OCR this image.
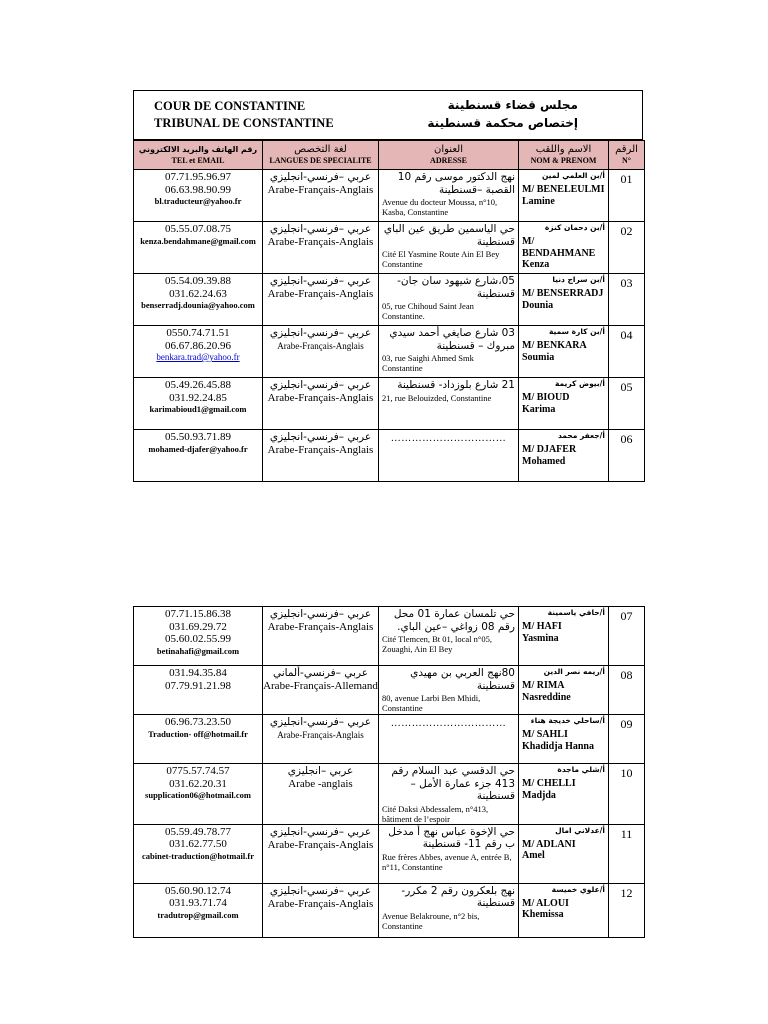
COUR DE CONSTANTINE
TRIBUNAL DE CONSTANTINE
مجلس قضاء قسنطينة
إختصاص محكمة قسنطينة
رقم الهاتف والبريد الالكتروني
TEL et EMAIL	لغة التخصص
LANGUES DE SPECIALITE	العنوان
ADRESSE	الاسم واللقب
NOM & PRENOM	الرقم
N°

07.71.95.96.97
06.63.98.90.99
bl.traducteur@yahoo.fr	عربي –فرنسي-انجليزي
Arabe-Français-Anglais	نهج الدكتور موسى رقم 10 القصبة –قسنطينة
Avenue du docteur Moussa, n°10, Kasba, Constantine	أ/بن العلمي لمين
M/ BENELEULMI
Lamine	01

05.55.07.08.75
kenza.bendahmane@gmail.com	عربي –فرنسي-انجليزي
Arabe-Français-Anglais	حي الياسمين طريق عين الباي قسنطينة
Cité El Yasmine Route Ain El Bey Constantine	أ/بن دحمان كنزة
M/ BENDAHMANE
Kenza	02

05.54.09.39.88
031.62.24.63
benserradj.dounia@yahoo.com	عربي –فرنسي-انجليزي
Arabe-Français-Anglais	05،شارع شيهود سان جان- قسنطينة
05, rue Chihoud Saint Jean Constantine.	أ/بن سراج دنيا
M/ BENSERRADJ
Dounia	03

0550.74.71.51
06.67.86.20.96
benkara.trad@yahoo.fr	عربي –فرنسي-انجليزي
Arabe-Français-Anglais	03 شارع صايغي أحمد سيدي مبروك – قسنطينة
03, rue Saighi Ahmed Smk Constantine	أ/بن كارة سمية
M/ BENKARA
Soumia	04

05.49.26.45.88
031.92.24.85
karimabioud1@gmail.com	عربي –فرنسي-انجليزي
Arabe-Français-Anglais	21 شارع بلوزداد- قسنطينة
21, rue Belouizded, Constantine	أ/بيوض كريمة
M/ BIOUD
Karima	05

05.50.93.71.89
mohamed-djafer@yahoo.fr	عربي –فرنسي-انجليزي
Arabe-Français-Anglais	……………………………	أ/جعفر محمد
M/ DJAFER
Mohamed	06
07.71.15.86.38
031.69.29.72
05.60.02.55.99
betinahafi@gmail.com	عربي –فرنسي-انجليزي
Arabe-Français-Anglais	حي تلمسان عمارة 01 محل رقم 08 زواغي –عين الباي.
Cité Tlemcen, Bt 01, local n°05, Zouaghi, Ain El Bey	أ/حافي ياسمينة
M/ HAFI
Yasmina	07

031.94.35.84
07.79.91.21.98	عربي –فرنسي-ألماني
Arabe-Français-Allemand	80نهج العربي بن مهيدي قسنطينة
80, avenue Larbi Ben Mhidi, Constantine	أ/ريمه نصر الدين
M/ RIMA
Nasreddine	08

06.96.73.23.50
Traduction- off@hotmail.fr	عربي –فرنسي-انجليزي
Arabe-Français-Anglais	……………………………	أ/ساحلي خديجة هناء
M/ SAHLI
Khadidja Hanna	09

0775.57.74.57
031.62.20.31
supplication06@hotmail.com	عربي –انجليزي
Arabe -anglais	حي الدقسي عبد السلام رقم 413 جزء عمارة الأمل –قسنطينة
Cité Daksi Abdessalem, n°413, bâtiment de l’espoir	أ/شلي ماجدة
M/ CHELLI
Madjda	10

05.59.49.78.77
031.62.77.50
cabinet-traduction@hotmail.fr	عربي –فرنسي-انجليزي
Arabe-Français-Anglais	حي الإخوة عباس نهج أ مدخل ب رقم 11- قسنطينة
Rue frères Abbes, avenue A, entrée B, n°11, Constantine	أ/عدلاني امال
M/ ADLANI
Amel	11

05.60.90.12.74
031.93.71.74
tradutrop@gmail.com	عربي –فرنسي-انجليزي
Arabe-Français-Anglais	نهج بلعكرون رقم 2 مكرر- قسنطينة
Avenue Belakroune, n°2 bis, Constantine	أ/علوي خميسة
M/ ALOUI
Khemissa	12
